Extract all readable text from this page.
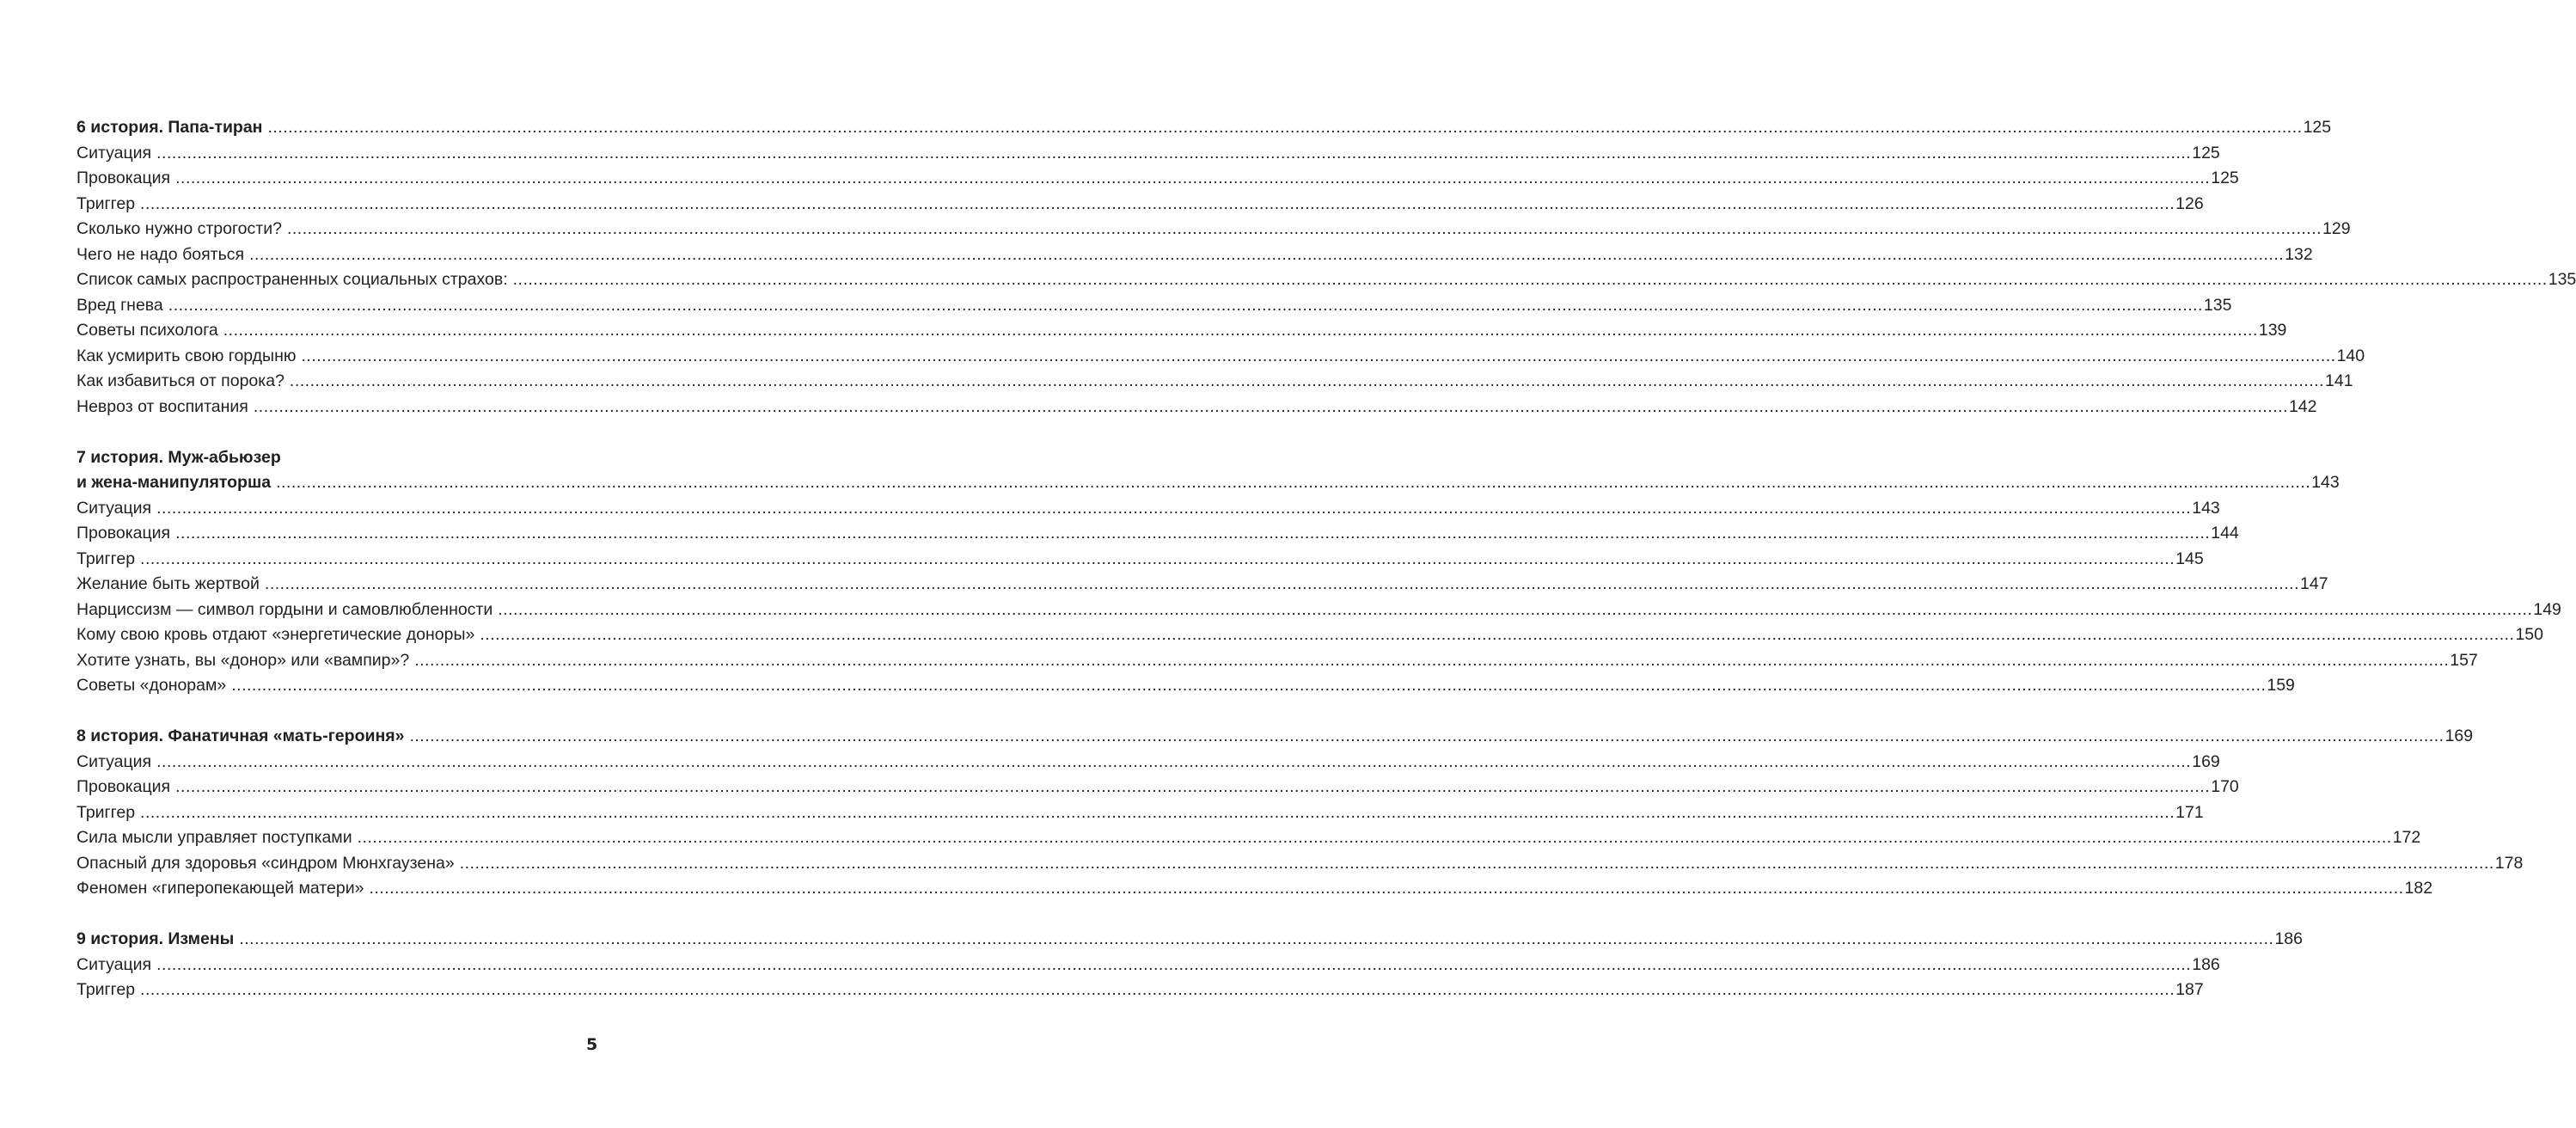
6 история. Папа-тиран ................................................................................................................................................................................................................................................................................................................................................................................................................ 125
Ситуация ................................................................................................................................................................................................................................................................................................................................................................................................................ 125
Провокация ................................................................................................................................................................................................................................................................................................................................................................................................................ 125
Триггер ................................................................................................................................................................................................................................................................................................................................................................................................................ 126
Сколько нужно строгости? ................................................................................................................................................................................................................................................................................................................................................................................................................ 129
Чего не надо бояться ................................................................................................................................................................................................................................................................................................................................................................................................................ 132
Список самых распространенных социальных страхов: ................................................................................................................................................................................................................................................................................................................................................................................................................ 135
Вред гнева ................................................................................................................................................................................................................................................................................................................................................................................................................ 135
Советы психолога ................................................................................................................................................................................................................................................................................................................................................................................................................ 139
Как усмирить свою гордыню ................................................................................................................................................................................................................................................................................................................................................................................................................ 140
Как избавиться от порока? ................................................................................................................................................................................................................................................................................................................................................................................................................ 141
Невроз от воспитания ................................................................................................................................................................................................................................................................................................................................................................................................................ 142
7 история. Муж-абьюзер
и жена-манипуляторша ................................................................................................................................................................................................................................................................................................................................................................................................................ 143
Ситуация ................................................................................................................................................................................................................................................................................................................................................................................................................ 143
Провокация ................................................................................................................................................................................................................................................................................................................................................................................................................ 144
Триггер ................................................................................................................................................................................................................................................................................................................................................................................................................ 145
Желание быть жертвой ................................................................................................................................................................................................................................................................................................................................................................................................................ 147
Нарциссизм — символ гордыни и самовлюбленности ................................................................................................................................................................................................................................................................................................................................................................................................................ 149
Кому свою кровь отдают «энергетические доноры» ................................................................................................................................................................................................................................................................................................................................................................................................................ 150
Хотите узнать, вы «донор» или «вампир»? ................................................................................................................................................................................................................................................................................................................................................................................................................ 157
Советы «донорам» ................................................................................................................................................................................................................................................................................................................................................................................................................ 159
8 история. Фанатичная «мать-героиня» ................................................................................................................................................................................................................................................................................................................................................................................................................ 169
Ситуация ................................................................................................................................................................................................................................................................................................................................................................................................................ 169
Провокация ................................................................................................................................................................................................................................................................................................................................................................................................................ 170
Триггер ................................................................................................................................................................................................................................................................................................................................................................................................................ 171
Сила мысли управляет поступками ................................................................................................................................................................................................................................................................................................................................................................................................................ 172
Опасный для здоровья «синдром Мюнхгаузена» ................................................................................................................................................................................................................................................................................................................................................................................................................ 178
Феномен «гиперопекающей матери» ................................................................................................................................................................................................................................................................................................................................................................................................................ 182
9 история. Измены ................................................................................................................................................................................................................................................................................................................................................................................................................ 186
Ситуация ................................................................................................................................................................................................................................................................................................................................................................................................................ 186
Триггер ................................................................................................................................................................................................................................................................................................................................................................................................................ 187
5
